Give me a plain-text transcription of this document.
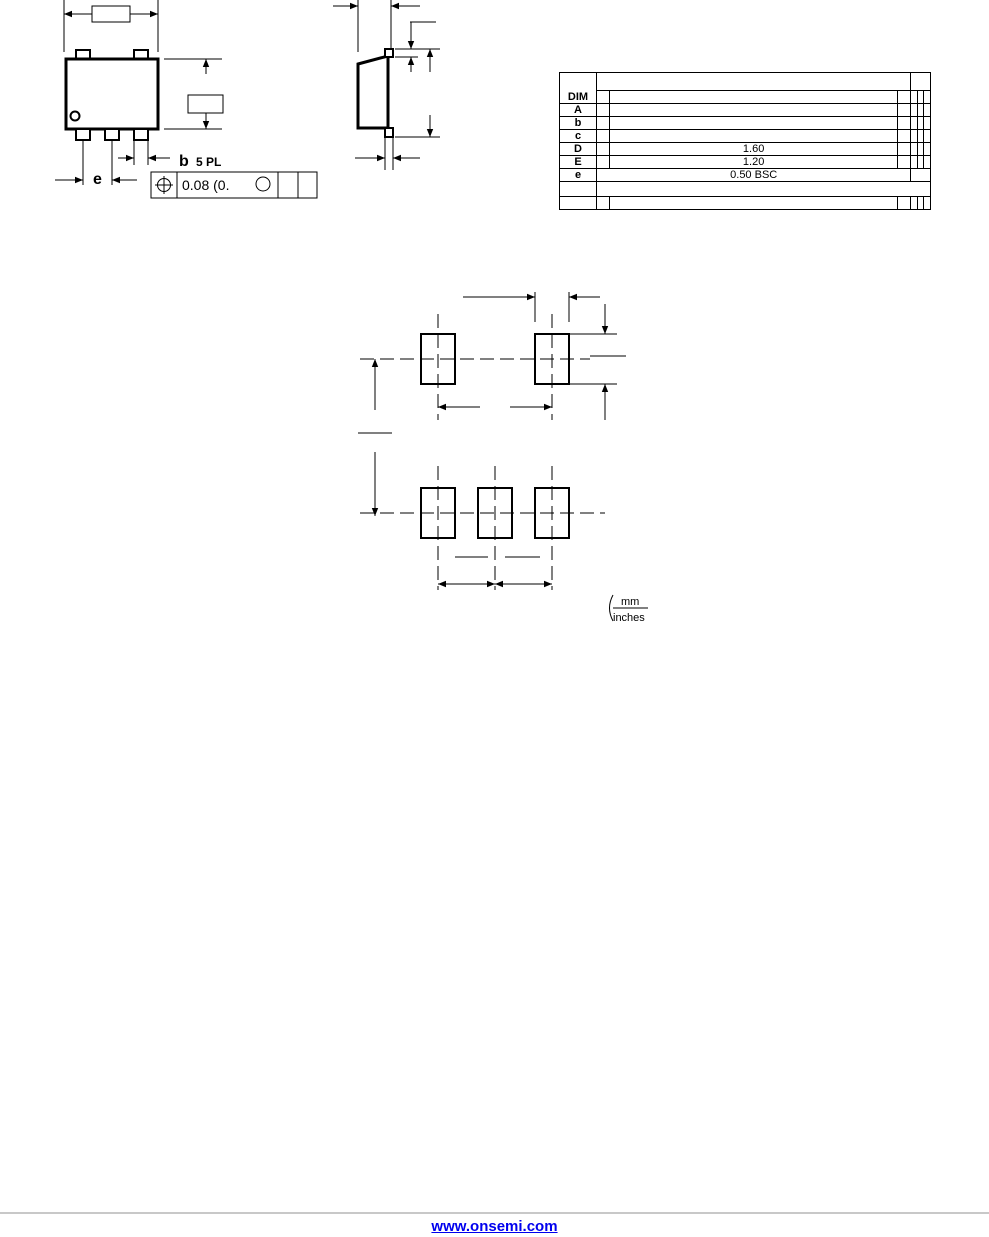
e
b 5 PL
0.08 (0.
mm
inches
DIM						

A						
b						
c						
D		1.60				
E		1.20				
e	0.50 BSC					

www.onsemi.com
